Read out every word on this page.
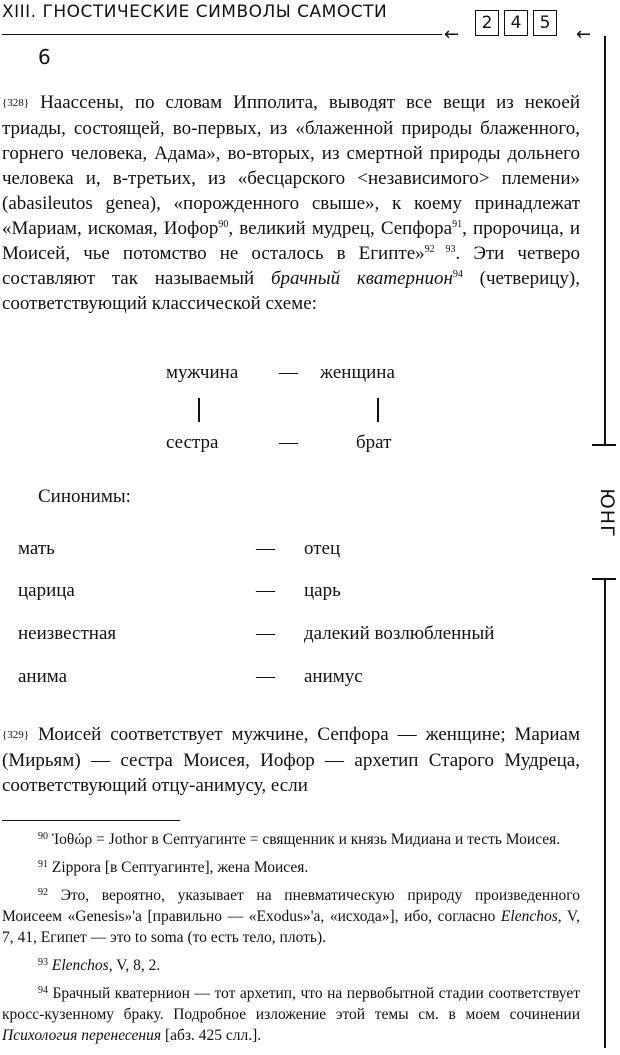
XIII. ГНОСТИЧЕСКИЕ СИМВОЛЫ САМОСТИ
←
2	4	5
←
6
ЮНГ
{328} Наассены, по словам Ипполита, выводят все вещи из некоей триады, состоящей, во-первых, из «блаженной природы блаженного, горнего человека, Адама», во-вторых, из смертной природы дольнего человека и, в-третьих, из «бесцарского <независимого> племени» (abasileutos genea), «порожденного свыше», к коему принадлежат «Мариам, искомая, Иофор$^{90}$, великий мудрец, Сепфора$^{91}$, пророчица, и Моисей, чье потомство не осталось в Египте»$^{92 93}$. Эти четверо составляют так называемый брачный кватернион$^{94}$ (четверицу), соответствующий классической схеме:
мужчина — женщина
сестра	—	брат
Синонимы:
мать	— отец
царица	— царь
неизвестная	— далекий возлюбленный
анима	— анимус
{329} Моисей соответствует мужчине, Сепфора — женщине; Мариам (Мирьям) — сестра Моисея, Иофор — архетип Старого Мудреца, соответствующий отцу-анимусу, если
$^{90}$ Ἰοθώρ = Jothor в Септуагинте = священник и князь Мидиана и тесть Моисея.
$^{91}$ Zippora [в Септуагинте], жена Моисея.
$^{92}$ Это, вероятно, указывает на пневматическую природу произведенного Моисеем «Genesis»'а [правильно — «Exodus»'а, «исхода»], ибо, согласно Elenchos, V, 7, 41, Египет — это to soma (то есть тело, плоть).
$^{93}$ Elenchos, V, 8, 2.
$^{94}$ Брачный кватернион — тот архетип, что на первобытной стадии соответствует кросс-кузенному браку. Подробное изложение этой темы см. в моем сочинении Психология перенесения [абз. 425 слл.].
